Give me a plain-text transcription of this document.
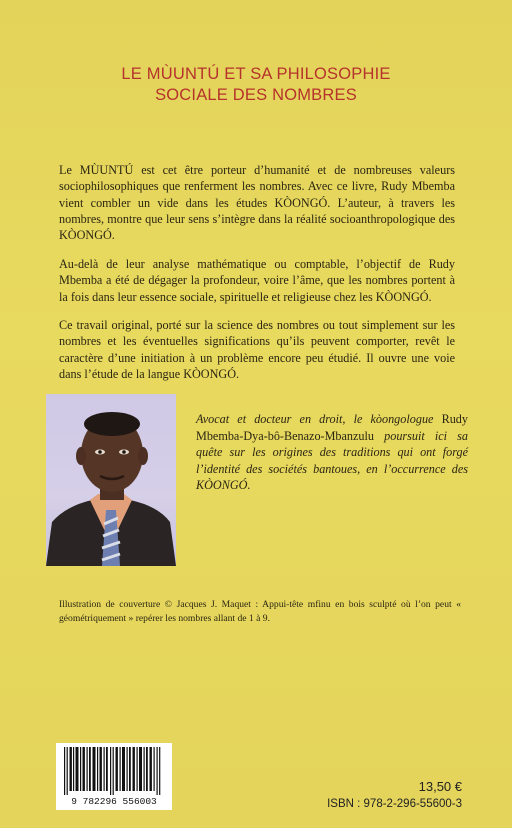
LE MÙUNTÚ ET SA PHILOSOPHIE
SOCIALE DES NOMBRES

Le MÙUNTÚ est cet être porteur d’humanité et de nombreuses valeurs sociophilosophiques que renferment les nombres. Avec ce livre, Rudy Mbemba vient combler un vide dans les études KÒONGÓ. L’auteur, à travers les nombres, montre que leur sens s’intègre dans la réalité socioanthropologique des KÒONGÓ.

Au-delà de leur analyse mathématique ou comptable, l’objectif de Rudy Mbemba a été de dégager la profondeur, voire l’âme, que les nombres portent à la fois dans leur essence sociale, spirituelle et religieuse chez les KÒONGÓ.

Ce travail original, porté sur la science des nombres ou tout simplement sur les nombres et les éventuelles significations qu’ils peuvent comporter, revêt le caractère d’une initiation à un problème encore peu étudié. Il ouvre une voie dans l’étude de la langue KÒONGÓ.

Avocat et docteur en droit, le kòongologue Rudy Mbemba-Dya-bô-Benazo-Mbanzulu poursuit ici sa quête sur les origines des traditions qui ont forgé l’identité des sociétés bantoues, en l’occurrence des KÒONGÓ.

Illustration de couverture © Jacques J. Maquet : Appui-tête mfinu en bois sculpté où l’on peut « géométriquement » repérer les nombres allant de 1 à 9.

9 782296 556003
13,50 €
ISBN : 978-2-296-55600-3
